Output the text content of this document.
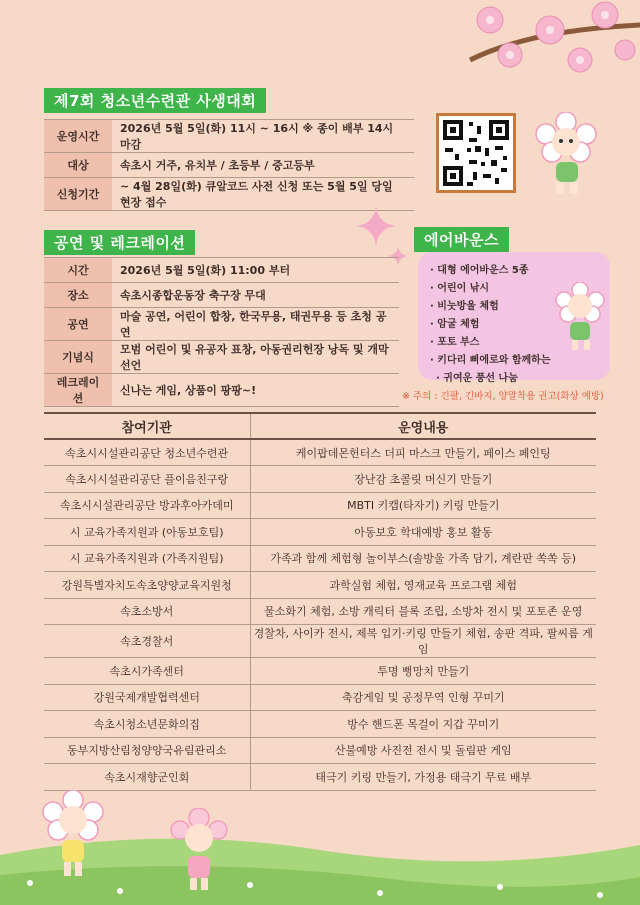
제7회 청소년수련관 사생대회
운영시간	2026년 5월 5일(화) 11시 ~ 16시 ※ 종이 배부 14시 마감
대상	속초시 거주, 유치부 / 초등부 / 중고등부
신청기간	~ 4월 28일(화) 큐알코드 사전 신청 또는 5월 5일 당일 현장 접수
공연 및 레크레이션
시간	2026년 5월 5일(화) 11:00 부터
장소	속초시종합운동장 축구장 무대
공연	마술 공연, 어린이 합창, 한국무용, 태권무용 등 초청 공연
기념식	모범 어린이 및 유공자 표창, 아동권리헌장 낭독 및 개막 선언
레크레이션	신나는 게임, 상품이 팡팡~!
에어바운스
· 대형 에어바운스 5종
· 어린이 낚시
· 비눗방울 체험
· 암굴 체험
· 포토 부스
· 키다리 삐에로와 함께하는
· 귀여운 풍선 나눔
※ 주의 : 긴팔, 긴바지, 양말착용 권고(화상 예방)
참여기관	운영내용
속초시시설관리공단 청소년수련관	케이팝데몬헌터스 더피 마스크 만들기, 페이스 페인팅
속초시시설관리공단 플이음친구랑	장난감 초콜릿 머신기 만들기
속초시시설관리공단 방과후아카데미	MBTI 키캡(타자기) 키링 만들기
시 교육가족지원과 (아동보호팀)	아동보호 학대예방 홍보 활동
시 교육가족지원과 (가족지원팀)	가족과 함께 체험형 놀이부스(솔방울 가족 담기, 계란판 쏙쏙 등)
강원특별자치도속초양양교육지원청	과학실험 체험, 영재교육 프로그램 체험
속초소방서	물소화기 체험, 소방 캐릭터 블록 조립, 소방차 전시 및 포토존 운영
속초경찰서	경찰차, 사이카 전시, 제복 입기·키링 만들기 체험, 송판 격파, 팔씨름 게임
속초시가족센터	투명 뻥망치 만들기
강원국제개발협력센터	축감게임 및 공정무역 인형 꾸미기
속초시청소년문화의집	방수 핸드폰 목걸이 지갑 꾸미기
동부지방산림청양양국유림관리소	산불예방 사진전 전시 및 돌림판 게임
속초시재향군인회	태극기 키링 만들기, 가정용 태극기 무료 배부
